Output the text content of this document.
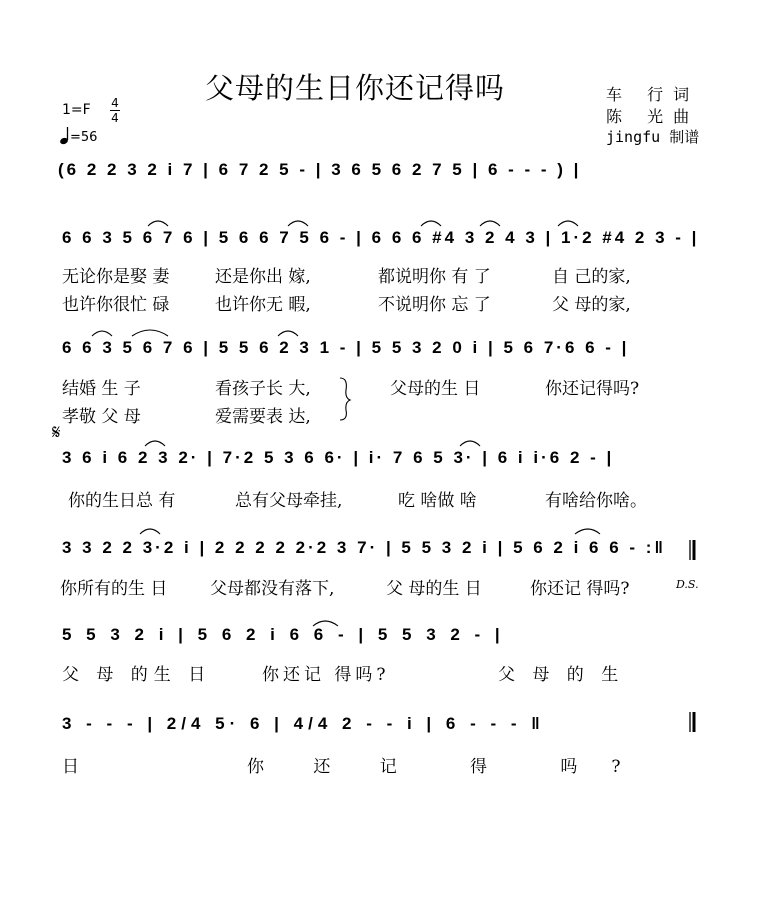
父母的生日你还记得吗	车 行词
陈 光曲
jingfu 制谱
1=F 4
4
(6 2 2 3 2 i 7 | 6 7 2 5 - | 3 6 5 6 2 7 5 | 6 - - - ) |
6 6 3 5 6 7 6 | 5 6 6 7 5 6 - | 6 6 6 #4 3 2 4 3 | 1·2 #4 2 3 - |
6 6 3 5 6 7 6 | 5 5 6 2 3 1 - | 5 5 3 2 0 i | 5 6 7·6 6 - |
3 6 i 6 2 3 2· | 7·2 5 3 6 6· | i· 7 6 5 3· | 6 i i·6 2 - |
3 3 2 2 3·2 i | 2 2 2 2 2·2 3 7· | 5 5 3 2 i | 5 6 2 i 6 6 - :‖
5 5 3 2 i | 5 6 2 i 6 6 - | 5 5 3 2 - |
3 - - - | 2/4 5· 6 | 4/4 2 - - i | 6 - - - ‖
无论你是娶 妻	还是你出 嫁,	都说明你 有 了	自 己的家,
也许你很忙 碌	也许你无 暇,	不说明你 忘 了	父 母的家,
结婚 生 子	看孩子长 大,	父母的生 日	你还记得吗?
孝敬 父 母	爱需要表 达,
𝄋
你的生日总 有	总有父母牵挂,	吃 啥做 啥	有啥给你啥。
你所有的生 日	父母都没有落下,	父 母的生 日	你还记 得吗?	D.S.
父 母 的生 日	你还记 得吗?	父 母 的 生
日	你 还 记	得 吗?
=56
